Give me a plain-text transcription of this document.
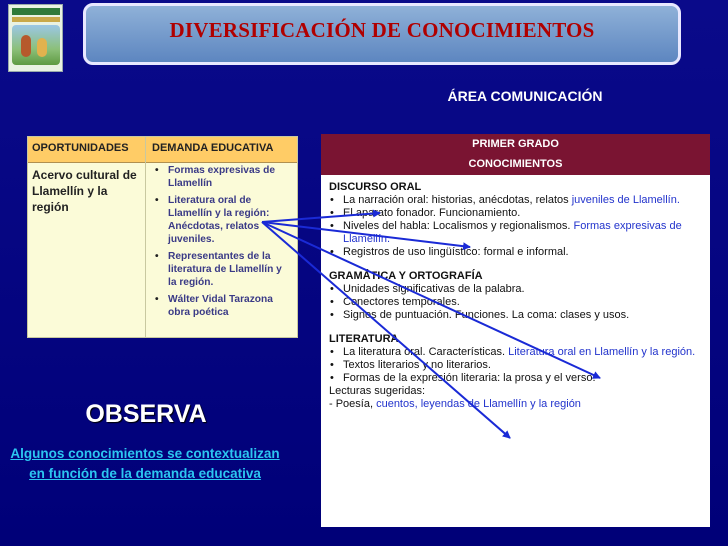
DIVERSIFICACIÓN DE CONOCIMIENTOS
ÁREA COMUNICACIÓN
OPORTUNIDADES DEMANDA EDUCATIVA
Acervo cultural de Llamellín y la región
• Formas expresivas de Llamellín
• Literatura oral de Llamellín y la región: Anécdotas, relatos juveniles.
• Representantes de la literatura de Llamellín y la región.
• Wálter Vidal Tarazona obra poética
PRIMER GRADO
CONOCIMIENTOS

DISCURSO ORAL

• La narración oral: historias, anécdotas, relatos juveniles de Llamellín.
• El aparato fonador. Funcionamiento.
• Niveles del habla: Localismos y regionalismos. Formas expresivas de Llamellín.
• Registros de uso lingüístico: formal e informal.

GRAMÁTICA Y ORTOGRAFÍA

• Unidades significativas de la palabra.
• Conectores temporales.
• Signos de puntuación. Funciones. La coma: clases y usos.

LITERATURA

• La literatura oral. Características. Literatura oral en Llamellín y la región.
• Textos literarios y no literarios.
• Formas de la expresión literaria: la prosa y el verso.

Lecturas sugeridas:

- Poesía, cuentos, leyendas de Llamellín y la región

OBSERVA
Algunos conocimientos se contextualizan en función de la demanda educativa
